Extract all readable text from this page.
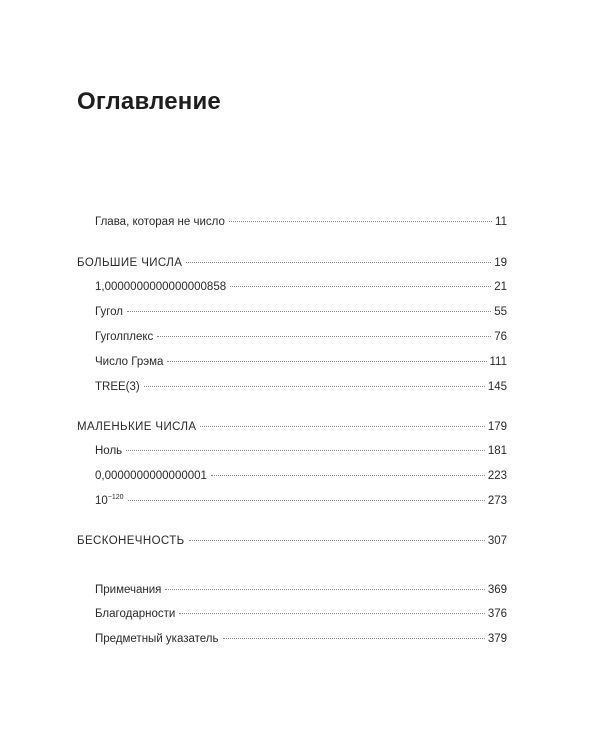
Оглавление
Глава, которая не число	11
БОЛЬШИЕ ЧИСЛА	19
1,0000000000000000858	21
Гугол	55
Гуголплекс	76
Число Грэма	111
TREE(3)	145
МАЛЕНЬКИЕ ЧИСЛА	179
Ноль	181
0,0000000000000001	223
$10^{-120}$	273
БЕСКОНЕЧНОСТЬ	307
Примечания	369
Благодарности	376
Предметный указатель	379
